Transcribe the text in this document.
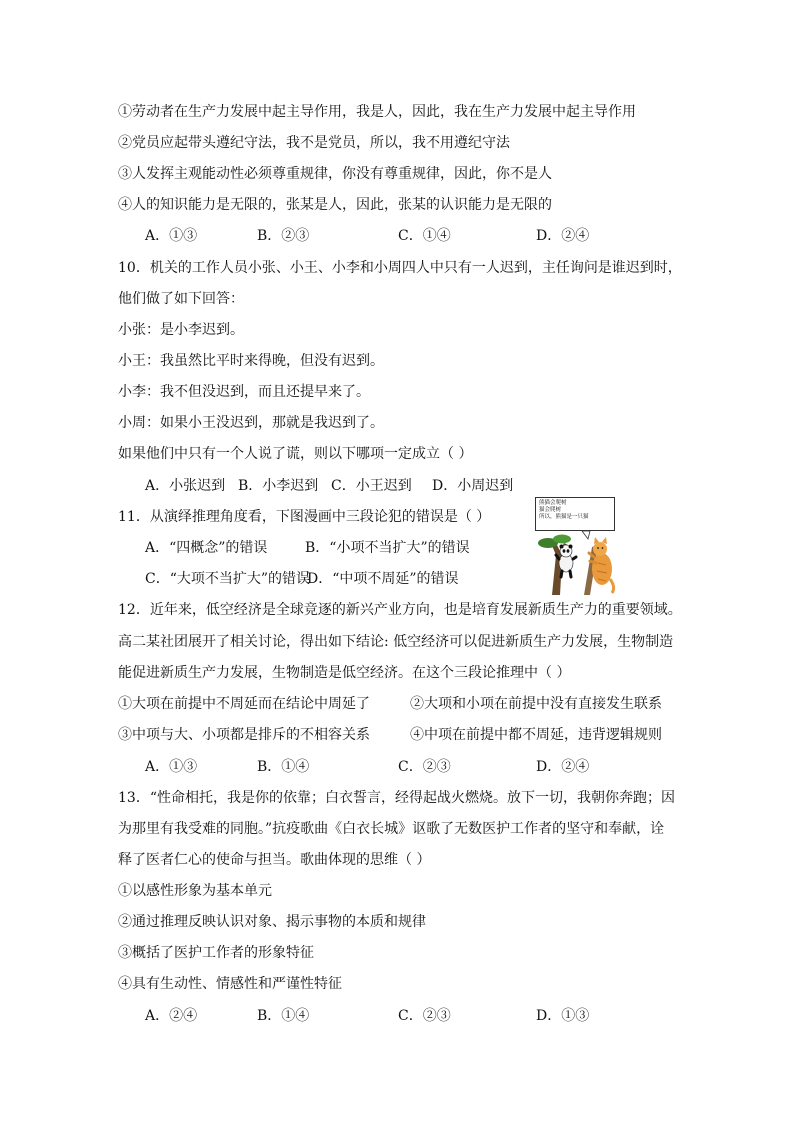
①劳动者在生产力发展中起主导作用，我是人，因此，我在生产力发展中起主导作用
②党员应起带头遵纪守法，我不是党员，所以，我不用遵纪守法
③人发挥主观能动性必须尊重规律，你没有尊重规律，因此，你不是人
④人的知识能力是无限的，张某是人，因此，张某的认识能力是无限的
A．①③	B．②③	C．①④	D．②④
10．机关的工作人员小张、小王、小李和小周四人中只有一人迟到，主任询问是谁迟到时，
他们做了如下回答：
小张：是小李迟到。
小王：我虽然比平时来得晚，但没有迟到。
小李：我不但没迟到，而且还提早来了。
小周：如果小王没迟到，那就是我迟到了。
如果他们中只有一个人说了谎，则以下哪项一定成立（ ）
A．小张迟到 B．小李迟到 C．小王迟到 D．小周迟到
11．从演绎推理角度看，下图漫画中三段论犯的错误是（ ）
A．“四概念”的错误	B．“小项不当扩大”的错误
C．“大项不当扩大”的错误
D．“中项不周延”的错误
熊猫会爬树
猫会爬树
所以，熊猫是一只猫
12．近年来，低空经济是全球竞逐的新兴产业方向，也是培育发展新质生产力的重要领域。
高二某社团展开了相关讨论，得出如下结论: 低空经济可以促进新质生产力发展，生物制造
能促进新质生产力发展，生物制造是低空经济。在这个三段论推理中（ ）
①大项在前提中不周延而在结论中周延了	②大项和小项在前提中没有直接发生联系
③中项与大、小项都是排斥的不相容关系	④中项在前提中都不周延，违背逻辑规则
A．①③	B．①④	C．②③	D．②④
13．“性命相托，我是你的依靠；白衣誓言，经得起战火燃烧。放下一切，我朝你奔跑；因
为那里有我受难的同胞。”抗疫歌曲《白衣长城》讴歌了无数医护工作者的坚守和奉献，诠
释了医者仁心的使命与担当。歌曲体现的思维（ ）
①以感性形象为基本单元
②通过推理反映认识对象、揭示事物的本质和规律
③概括了医护工作者的形象特征
④具有生动性、情感性和严谨性特征
A．②④	B．①④	C．②③	D．①③
